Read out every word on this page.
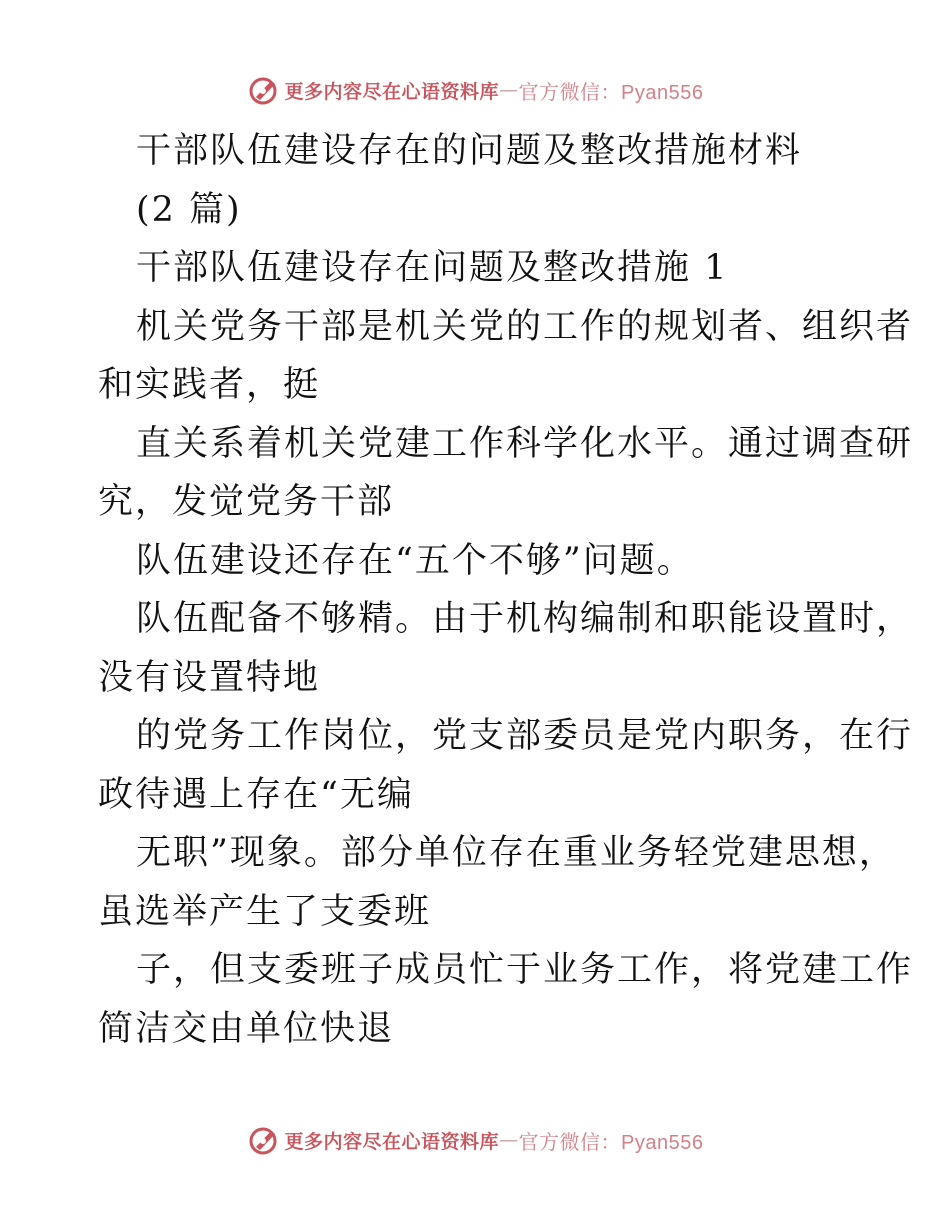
更多内容尽在心语资料库 — 官方微信：Pyan556
干部队伍建设存在的问题及整改措施材料
(2 篇)
干部队伍建设存在问题及整改措施 1
机关党务干部是机关党的工作的规划者、组织者
和实践者，挺
直关系着机关党建工作科学化水平。通过调查研
究，发觉党务干部
队伍建设还存在“五个不够”问题。
队伍配备不够精。由于机构编制和职能设置时，
没有设置特地
的党务工作岗位，党支部委员是党内职务，在行
政待遇上存在“无编
无职”现象。部分单位存在重业务轻党建思想，
虽选举产生了支委班
子，但支委班子成员忙于业务工作，将党建工作
简洁交由单位快退
更多内容尽在心语资料库 — 官方微信：Pyan556
